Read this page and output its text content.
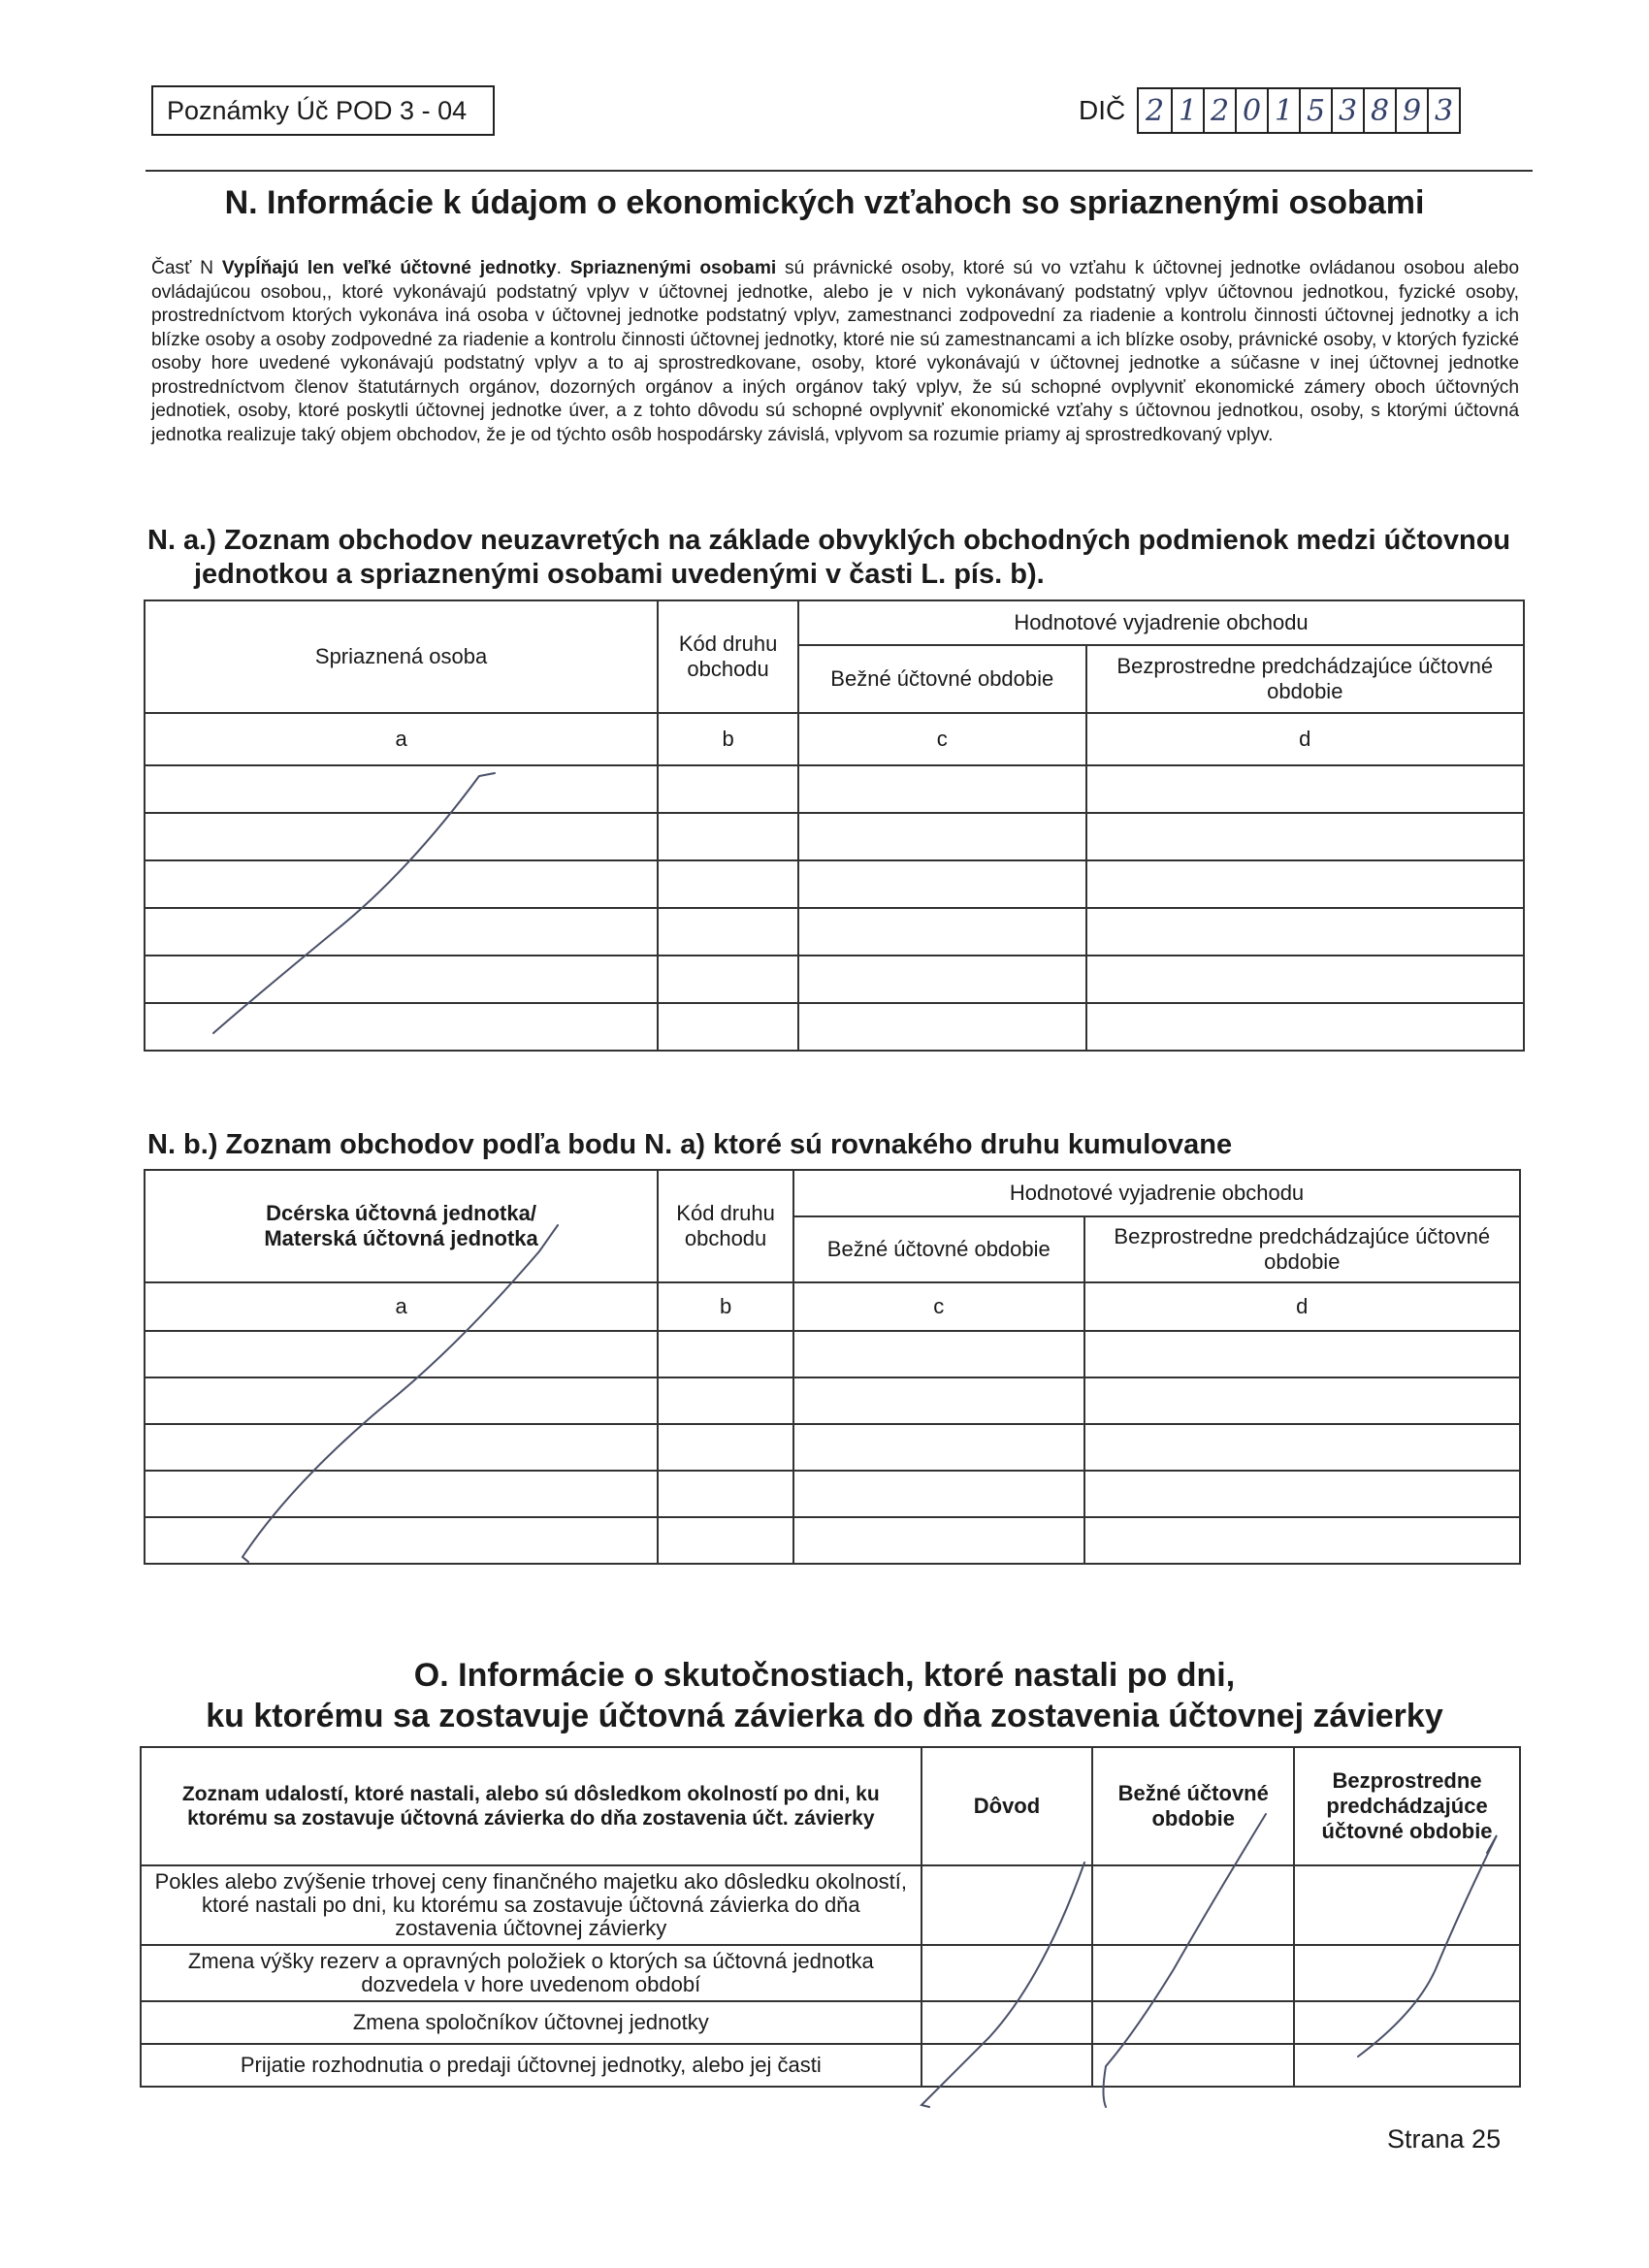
Poznámky Úč POD 3 - 04	DIČ 2 1 2 0 1 5 3 8 9 3
N. Informácie k údajom o ekonomických vzťahoch so spriaznenými osobami

Časť N Vypĺňajú len veľké účtovné jednotky. Spriaznenými osobami sú právnické osoby, ktoré sú vo vzťahu k účtovnej jednotke ovládanou osobou alebo ovládajúcou osobou,, ktoré vykonávajú podstatný vplyv v účtovnej jednotke, alebo je v nich vykonávaný podstatný vplyv účtovnou jednotkou, fyzické osoby, prostredníctvom ktorých vykonáva iná osoba v účtovnej jednotke podstatný vplyv, zamestnanci zodpovední za riadenie a kontrolu činnosti účtovnej jednotky a ich blízke osoby a osoby zodpovedné za riadenie a kontrolu činnosti účtovnej jednotky, ktoré nie sú zamestnancami a ich blízke osoby, právnické osoby, v ktorých fyzické osoby hore uvedené vykonávajú podstatný vplyv a to aj sprostredkovane, osoby, ktoré vykonávajú v účtovnej jednotke a súčasne v inej účtovnej jednotke prostredníctvom členov štatutárnych orgánov, dozorných orgánov a iných orgánov taký vplyv, že sú schopné ovplyvniť ekonomické zámery oboch účtovných jednotiek, osoby, ktoré poskytli účtovnej jednotke úver, a z tohto dôvodu sú schopné ovplyvniť ekonomické vzťahy s účtovnou jednotkou, osoby, s ktorými účtovná jednotka realizuje taký objem obchodov, že je od týchto osôb hospodársky závislá, vplyvom sa rozumie priamy aj sprostredkovaný vplyv.

N. a.) Zoznam obchodov neuzavretých na základe obvyklých obchodných podmienok medzi účtovnou
jednotkou a spriaznenými osobami uvedenými v časti L. pís. b).
Spriaznená osoba	Kód druhu obchodu	Hodnotové vyjadrenie obchodu	
		Bežné účtovné obdobie	Bezprostredne predchádzajúce účtovné obdobie
a	b	c	d

N. b.) Zoznam obchodov podľa bodu N. a) ktoré sú rovnakého druhu kumulovane
Dcérska účtovná jednotka/
Materská účtovná jednotka	Kód druhu obchodu	Hodnotové vyjadrenie obchodu	
		Bežné účtovné obdobie	Bezprostredne predchádzajúce účtovné obdobie
a	b	c	d

O. Informácie o skutočnostiach, ktoré nastali po dni,
ku ktorému sa zostavuje účtovná závierka do dňa zostavenia účtovnej závierky
Zoznam udalostí, ktoré nastali, alebo sú dôsledkom okolností po dni, ku ktorému sa zostavuje účtovná závierka do dňa zostavenia účt. závierky	Dôvod	Bežné účtovné obdobie	Bezprostredne predchádzajúce účtovné obdobie
Pokles alebo zvýšenie trhovej ceny finančného majetku ako dôsledku okolností, ktoré nastali po dni, ku ktorému sa zostavuje účtovná závierka do dňa zostavenia účtovnej závierky			
Zmena výšky rezerv a opravných položiek o ktorých sa účtovná jednotka dozvedela v hore uvedenom období			
Zmena spoločníkov účtovnej jednotky			
Prijatie rozhodnutia o predaji účtovnej jednotky, alebo jej časti			
Strana 25
